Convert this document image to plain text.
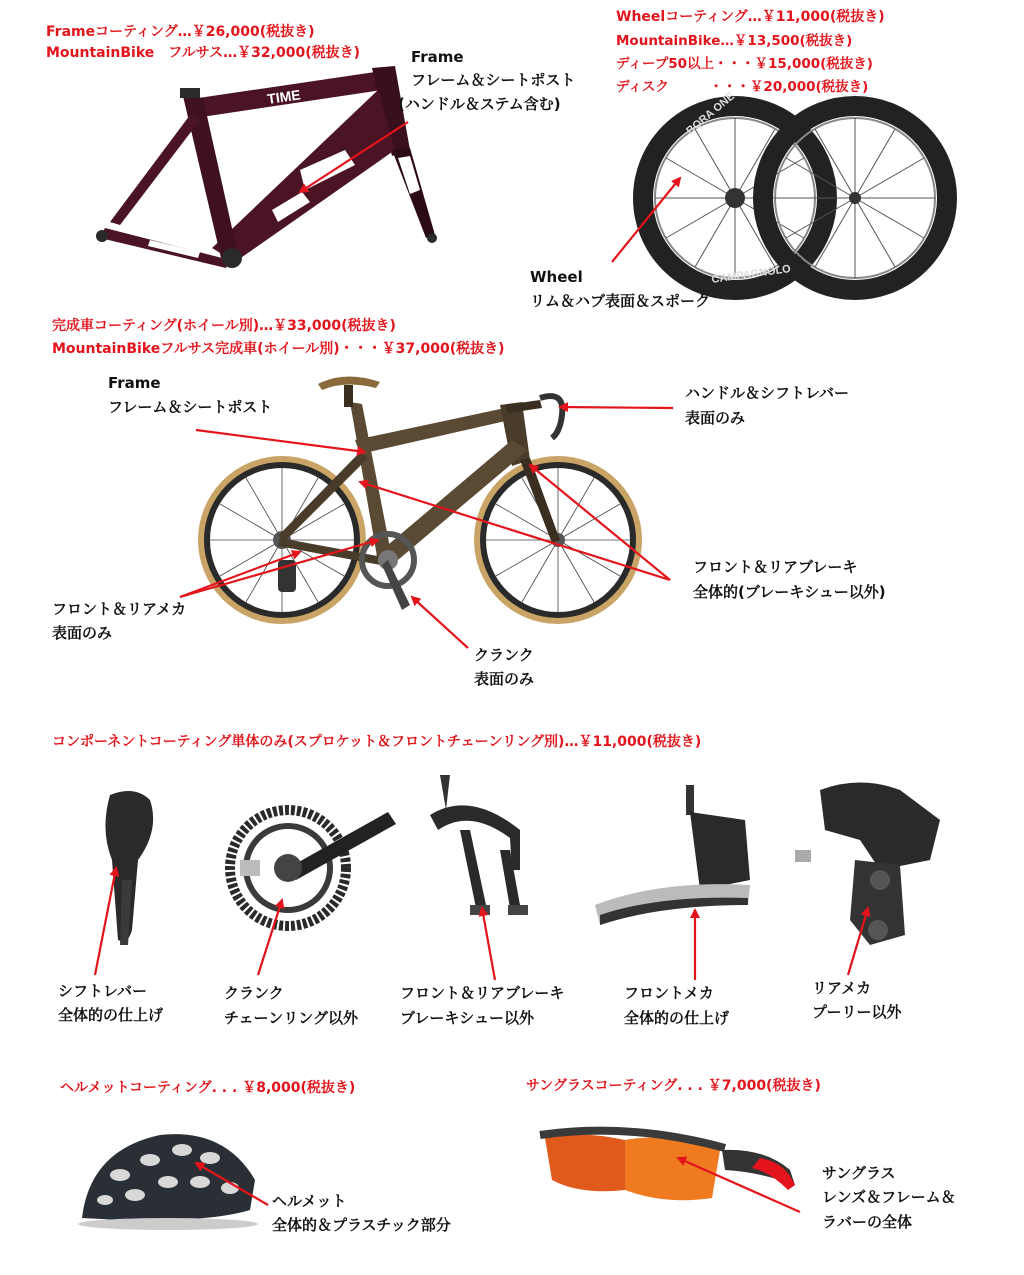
TIME	BORA ONE
CAMPAGNOLO
Frameコーティング…￥26,000(税抜き)
MountainBike　フルサス…￥32,000(税抜き)	Frame
フレーム＆シートポスト
(ハンドル＆ステム含む)
Wheelコーティング…￥11,000(税抜き)
MountainBike…￥13,500(税抜き)
ディープ50以上・・・￥15,000(税抜き)
ディスク　　　・・・￥20,000(税抜き)
Wheel
リム＆ハブ表面＆スポーク
完成車コーティング(ホイール別)…￥33,000(税抜き)
MountainBikeフルサス完成車(ホイール別)・・・￥37,000(税抜き)
Frame
フレーム＆シートポスト
ハンドル＆シフトレバー
表面のみ
フロント＆リアブレーキ
全体的(ブレーキシュー以外)
フロント＆リアメカ
表面のみ
クランク
表面のみ
コンポーネントコーティング単体のみ(スプロケット＆フロントチェーンリング別)…￥11,000(税抜き)
シフトレバー
全体的の仕上げ
クランク
チェーンリング以外
フロント＆リアブレーキ
ブレーキシュー以外
フロントメカ
全体的の仕上げ
リアメカ
プーリー以外
ヘルメットコーティング. . . ￥8,000(税抜き)
ヘルメット
全体的＆プラスチック部分
サングラスコーティング. . . ￥7,000(税抜き)
サングラス
レンズ＆フレーム＆
ラバーの全体
